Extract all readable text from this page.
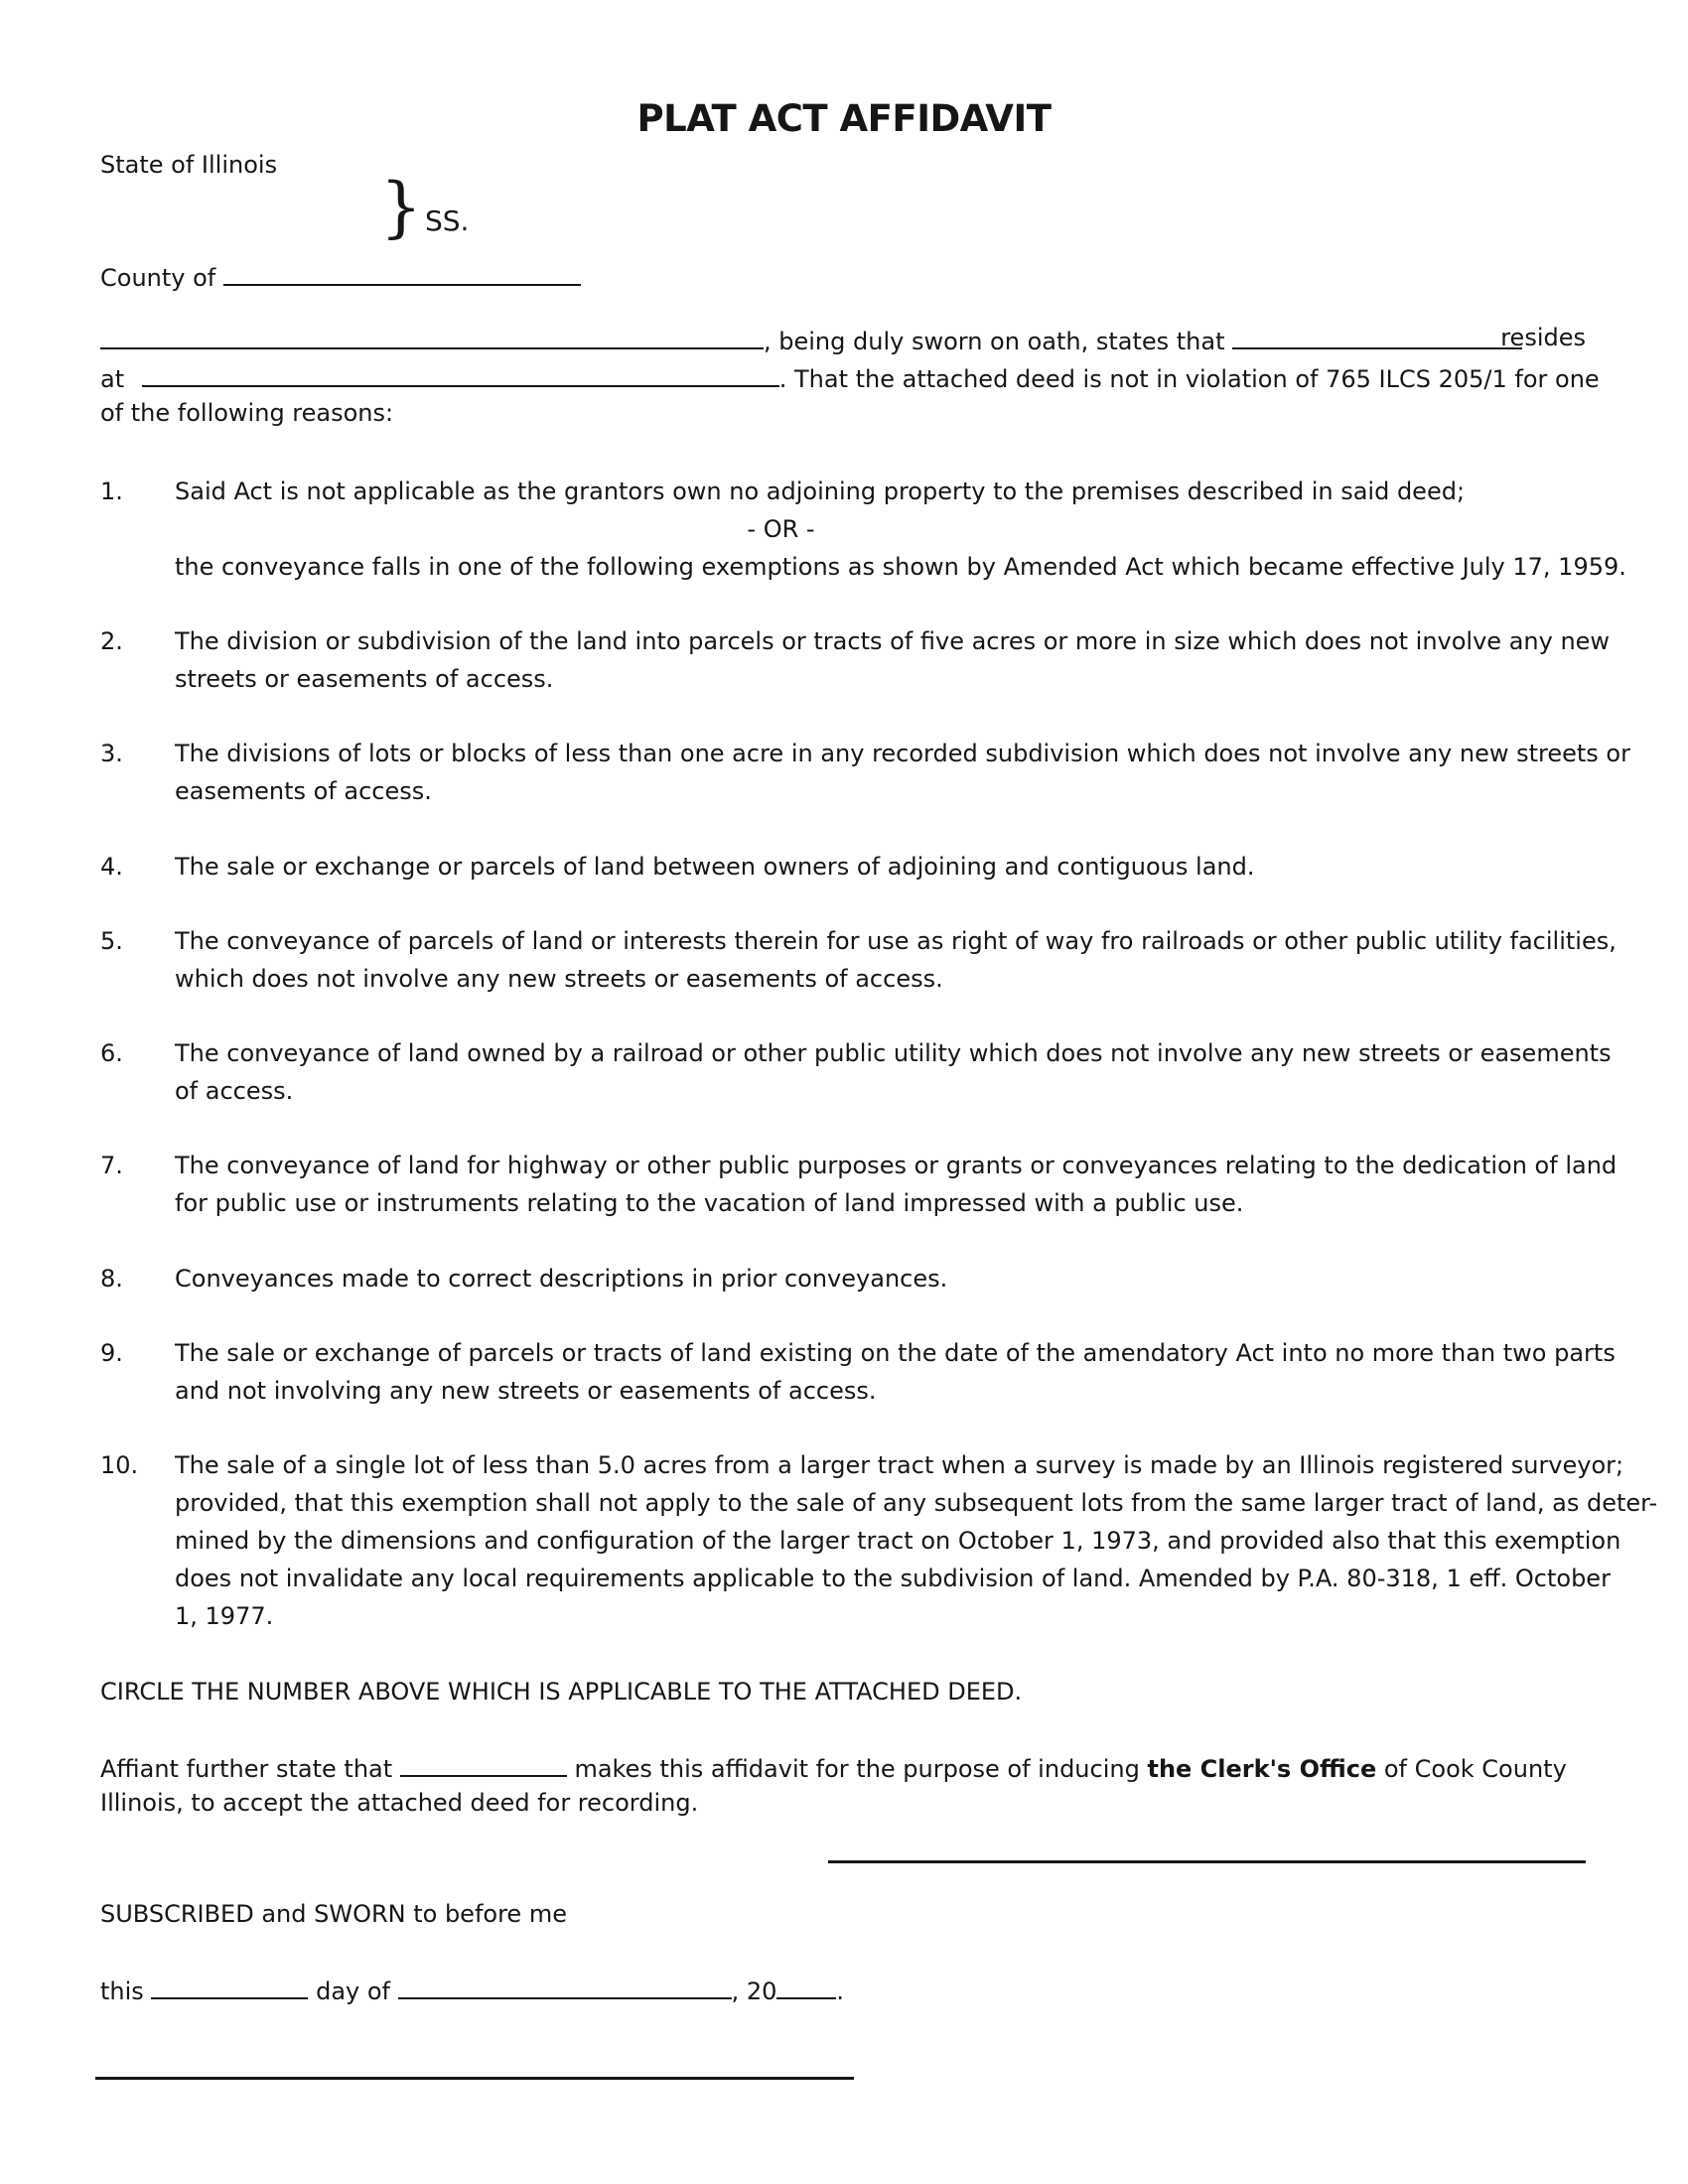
PLAT ACT AFFIDAVIT
State of Illinois
} SS.
County of
, being duly sworn on oath, states that	resides
at	. That the attached deed is not in violation of 765 ILCS 205/1 for one
of the following reasons:
1. Said Act is not applicable as the grantors own no adjoining property to the premises described in said deed;
- OR -
the conveyance falls in one of the following exemptions as shown by Amended Act which became effective July 17, 1959.
2. The division or subdivision of the land into parcels or tracts of five acres or more in size which does not involve any new
streets or easements of access.
3. The divisions of lots or blocks of less than one acre in any recorded subdivision which does not involve any new streets or
easements of access.
4. The sale or exchange or parcels of land between owners of adjoining and contiguous land.
5. The conveyance of parcels of land or interests therein for use as right of way fro railroads or other public utility facilities,
which does not involve any new streets or easements of access.
6. The conveyance of land owned by a railroad or other public utility which does not involve any new streets or easements
of access.
7. The conveyance of land for highway or other public purposes or grants or conveyances relating to the dedication of land
for public use or instruments relating to the vacation of land impressed with a public use.
8. Conveyances made to correct descriptions in prior conveyances.
9. The sale or exchange of parcels or tracts of land existing on the date of the amendatory Act into no more than two parts
and not involving any new streets or easements of access.
10. The sale of a single lot of less than 5.0 acres from a larger tract when a survey is made by an Illinois registered surveyor;
provided, that this exemption shall not apply to the sale of any subsequent lots from the same larger tract of land, as deter-
mined by the dimensions and configuration of the larger tract on October 1, 1973, and provided also that this exemption
does not invalidate any local requirements applicable to the subdivision of land. Amended by P.A. 80-318, 1 eff. October
1, 1977.
CIRCLE THE NUMBER ABOVE WHICH IS APPLICABLE TO THE ATTACHED DEED.
Affiant further state that	makes this affidavit for the purpose of inducing the Clerk's Office of Cook County
Illinois, to accept the attached deed for recording.
SUBSCRIBED and SWORN to before me
this	day of	, 20	.
